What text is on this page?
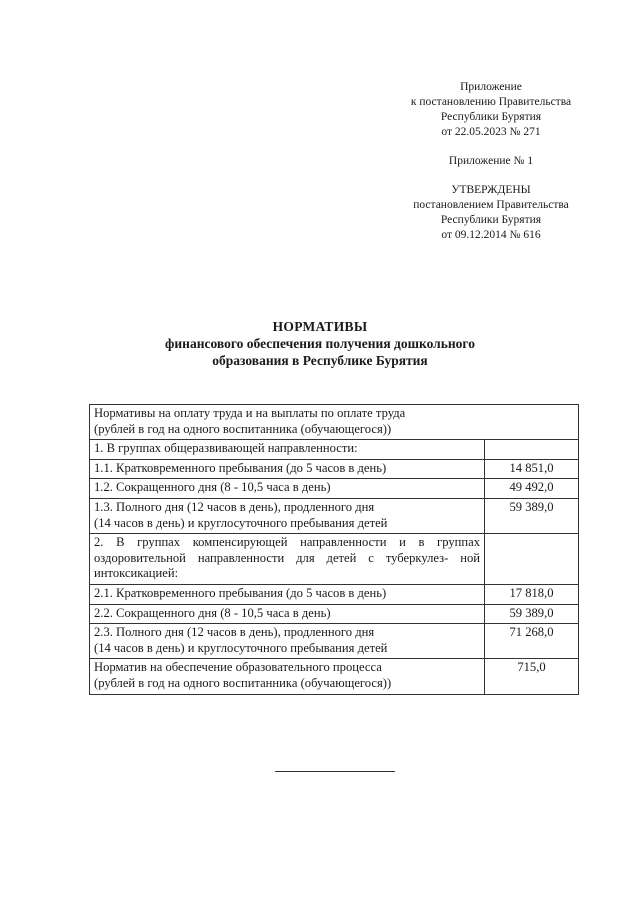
Приложение
к постановлению Правительства
Республики Бурятия
от 22.05.2023 № 271
Приложение № 1
УТВЕРЖДЕНЫ
постановлением Правительства
Республики Бурятия
от 09.12.2014 № 616
НОРМАТИВЫ
финансового обеспечения получения дошкольного
образования в Республике Бурятия
Нормативы на оплату труда и на выплаты по оплате труда
(рублей в год на одного воспитанника (обучающегося))	

1. В группах общеразвивающей направленности:	

1.1. Кратковременного пребывания (до 5 часов в день)	14 851,0

1.2. Сокращенного дня (8 - 10,5 часа в день)	49 492,0

1.3. Полного дня (12 часов в день), продленного дня
(14 часов в день) и круглосуточного пребывания детей	59 389,0

2. В группах компенсирующей направленности и в группах оздоровительной направленности для детей с туберкулез- ной интоксикацией:	

2.1. Кратковременного пребывания (до 5 часов в день)	17 818,0

2.2. Сокращенного дня (8 - 10,5 часа в день)	59 389,0

2.3. Полного дня (12 часов в день), продленного дня
(14 часов в день) и круглосуточного пребывания детей	71 268,0

Норматив на обеспечение образовательного процесса
(рублей в год на одного воспитанника (обучающегося))	715,0
